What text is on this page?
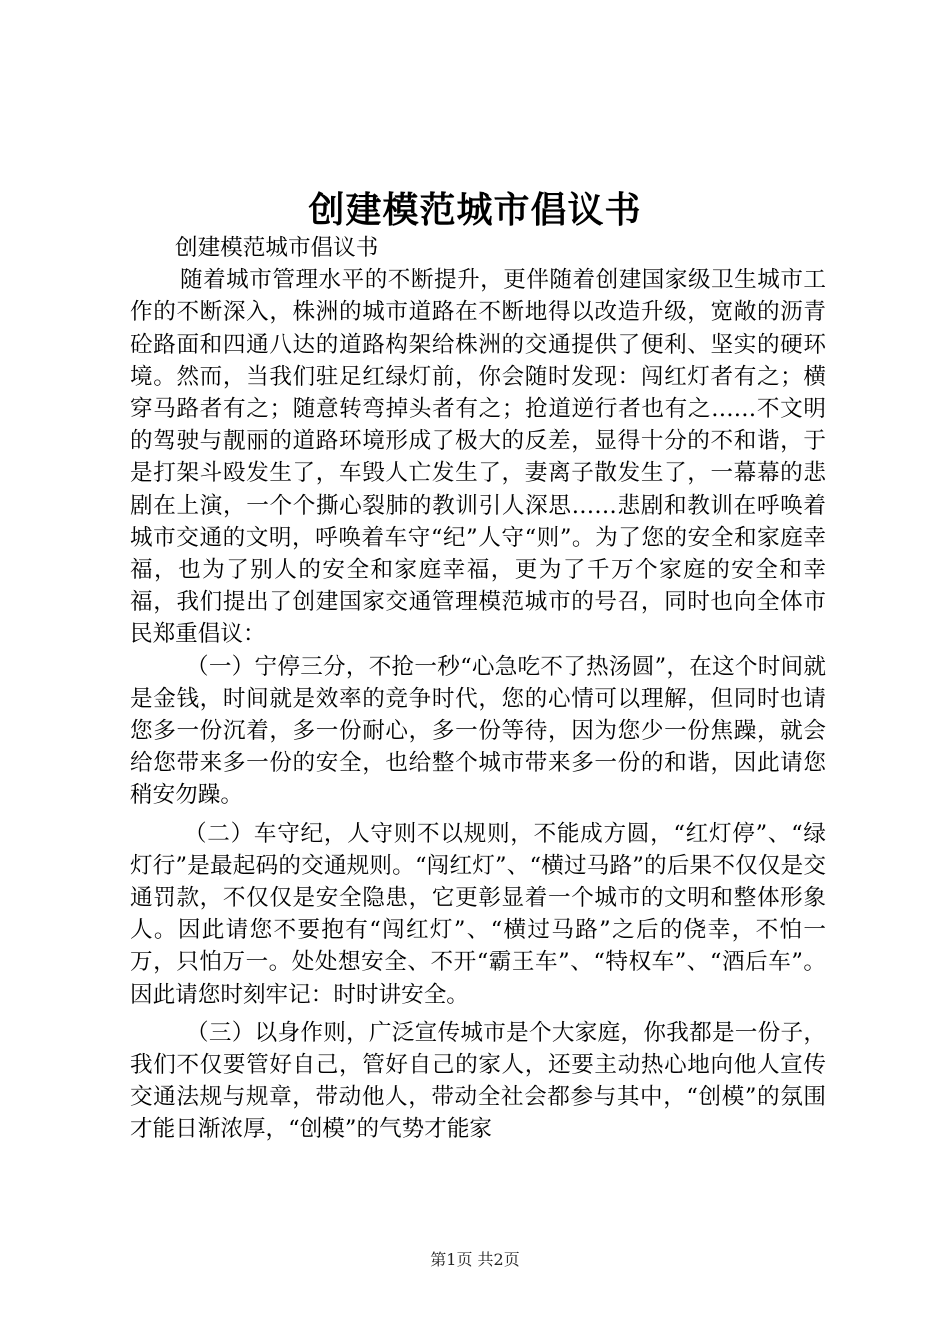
创建模范城市倡议书

创建模范城市倡议书

随着城市管理水平的不断提升，更伴随着创建国家级卫生城市工作的不断深入，株洲的城市道路在不断地得以改造升级，宽敞的沥青砼路面和四通八达的道路构架给株洲的交通提供了便利、坚实的硬环境。然而，当我们驻足红绿灯前，你会随时发现：闯红灯者有之；横穿马路者有之；随意转弯掉头者有之；抢道逆行者也有之……不文明的驾驶与靓丽的道路环境形成了极大的反差，显得十分的不和谐，于是打架斗殴发生了，车毁人亡发生了，妻离子散发生了，一幕幕的悲剧在上演，一个个撕心裂肺的教训引人深思……悲剧和教训在呼唤着城市交通的文明，呼唤着车守“纪”人守“则”。为了您的安全和家庭幸福，也为了别人的安全和家庭幸福，更为了千万个家庭的安全和幸福，我们提出了创建国家交通管理模范城市的号召，同时也向全体市民郑重倡议：

（一）宁停三分，不抢一秒“心急吃不了热汤圆”，在这个时间就是金钱，时间就是效率的竞争时代，您的心情可以理解，但同时也请您多一份沉着，多一份耐心，多一份等待，因为您少一份焦躁，就会给您带来多一份的安全，也给整个城市带来多一份的和谐，因此请您稍安勿躁。

（二）车守纪，人守则不以规则，不能成方圆，“红灯停”、“绿灯行”是最起码的交通规则。“闯红灯”、“横过马路”的后果不仅仅是交通罚款，不仅仅是安全隐患，它更彰显着一个城市的文明和整体形象人。因此请您不要抱有“闯红灯”、“横过马路”之后的侥幸，不怕一万，只怕万一。处处想安全、不开“霸王车”、“特权车”、“酒后车”。因此请您时刻牢记：时时讲安全。

（三）以身作则，广泛宣传城市是个大家庭，你我都是一份子，我们不仅要管好自己，管好自己的家人，还要主动热心地向他人宣传交通法规与规章，带动他人，带动全社会都参与其中，“创模”的氛围才能日渐浓厚，“创模”的气势才能家

第1页 共2页
